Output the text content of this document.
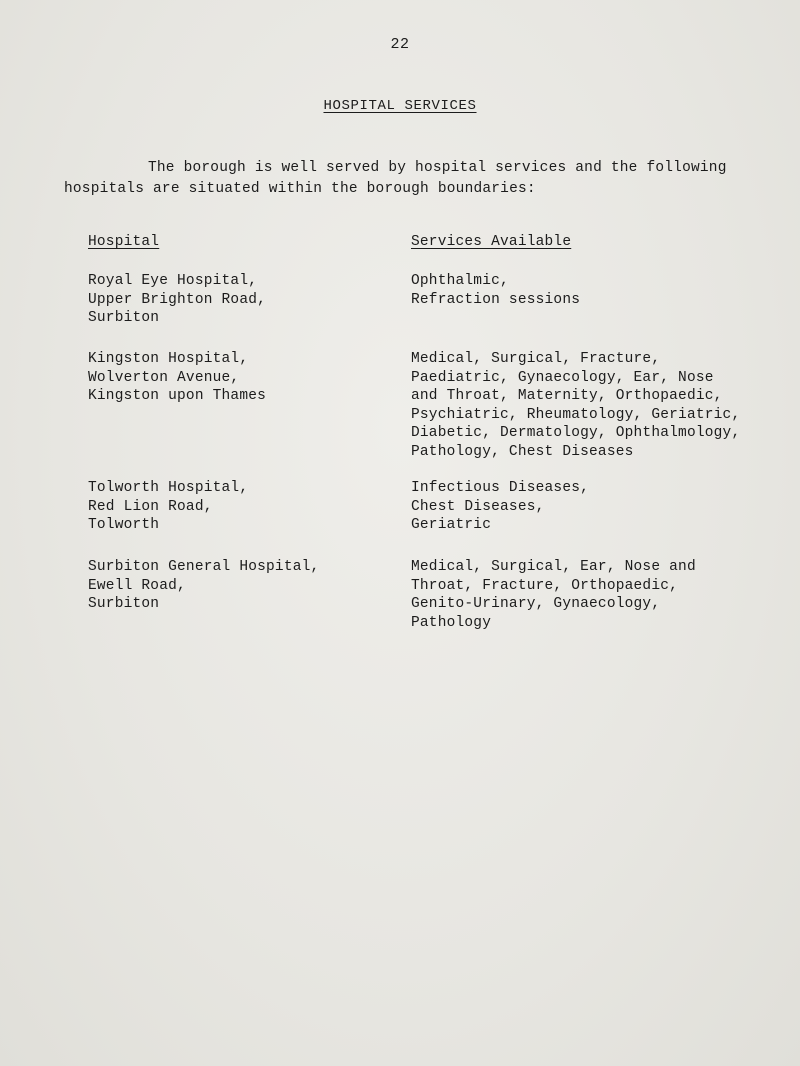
22
HOSPITAL SERVICES
The borough is well served by hospital services and the following
hospitals are situated within the borough boundaries:
Hospital	Services Available
Royal Eye Hospital,
Upper Brighton Road,
Surbiton
Ophthalmic,
Refraction sessions
Kingston Hospital,
Wolverton Avenue,
Kingston upon Thames
Medical, Surgical, Fracture,
Paediatric, Gynaecology, Ear, Nose
and Throat, Maternity, Orthopaedic,
Psychiatric, Rheumatology, Geriatric,
Diabetic, Dermatology, Ophthalmology,
Pathology, Chest Diseases
Tolworth Hospital,
Red Lion Road,
Tolworth
Infectious Diseases,
Chest Diseases,
Geriatric
Surbiton General Hospital,
Ewell Road,
Surbiton
Medical, Surgical, Ear, Nose and
Throat, Fracture, Orthopaedic,
Genito-Urinary, Gynaecology,
Pathology
